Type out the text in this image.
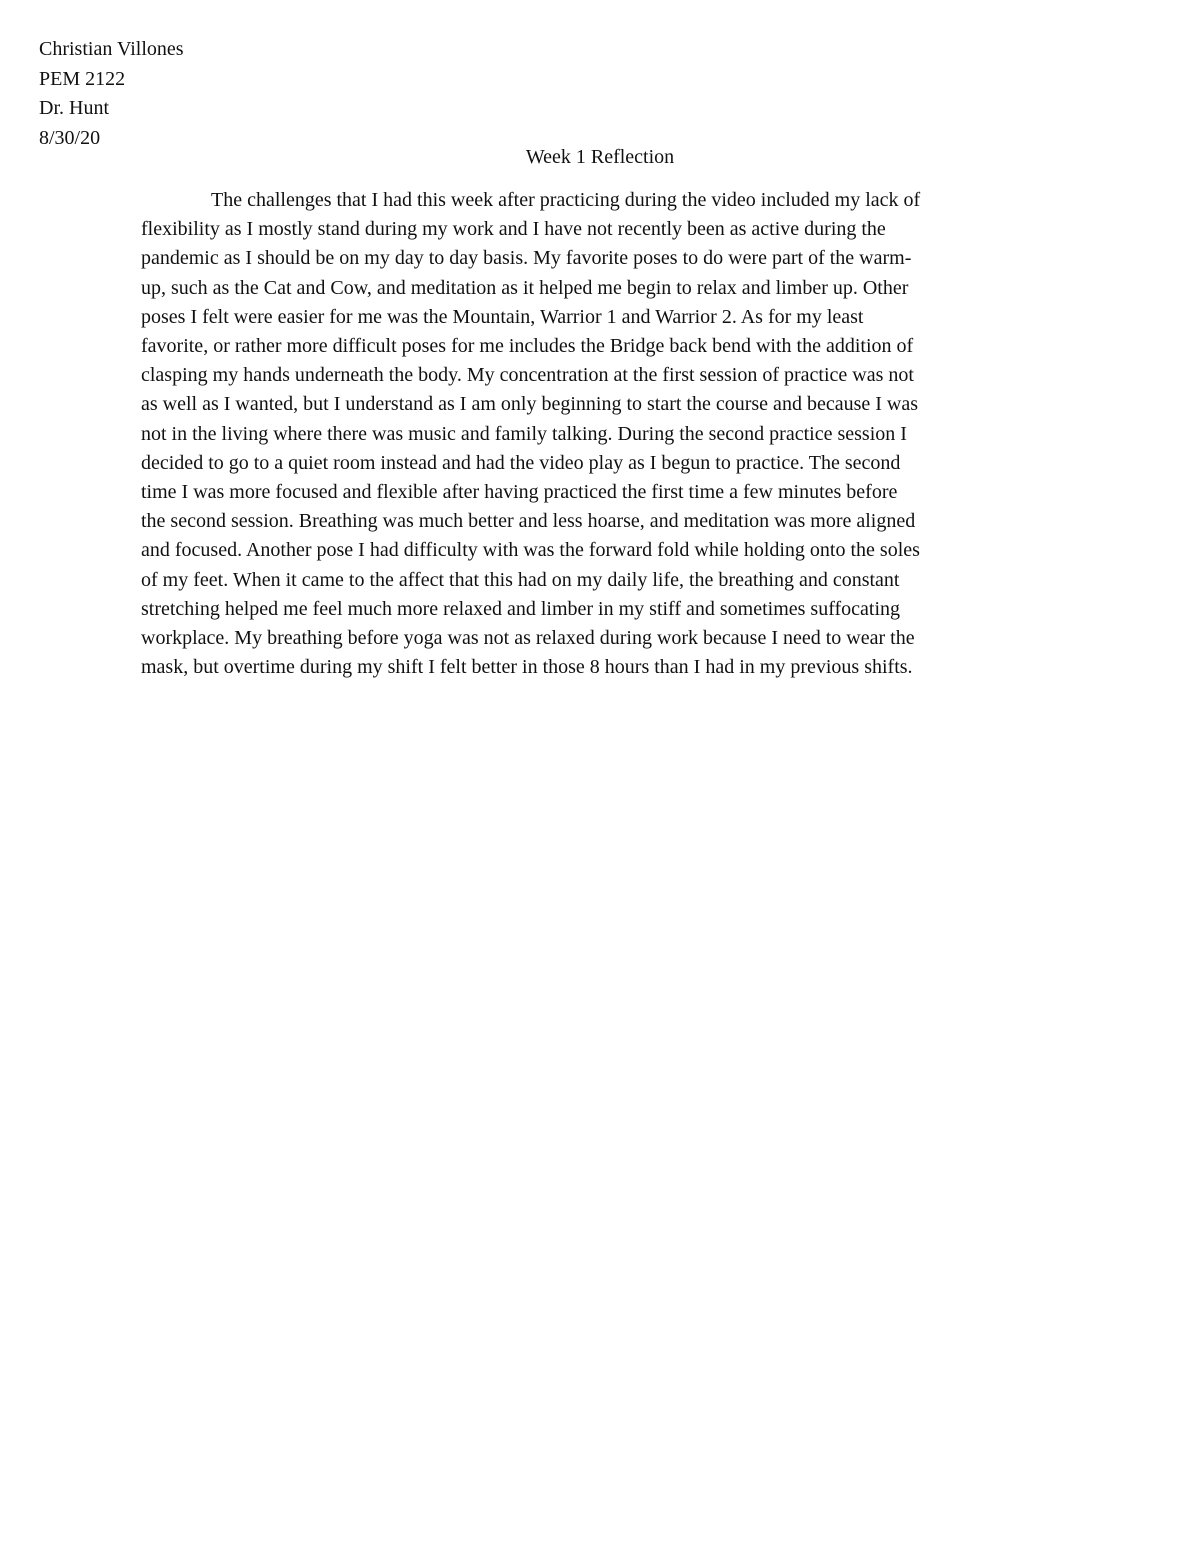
Christian Villones
PEM 2122
Dr. Hunt
8/30/20
Week 1 Reflection
The challenges that I had this week after practicing during the video included my lack of
flexibility as I mostly stand during my work and I have not recently been as active during the
pandemic as I should be on my day to day basis. My favorite poses to do were part of the warm-
up, such as the Cat and Cow, and meditation as it helped me begin to relax and limber up. Other
poses I felt were easier for me was the Mountain, Warrior 1 and Warrior 2. As for my least
favorite, or rather more difficult poses for me includes the Bridge back bend with the addition of
clasping my hands underneath the body. My concentration at the first session of practice was not
as well as I wanted, but I understand as I am only beginning to start the course and because I was
not in the living where there was music and family talking. During the second practice session I
decided to go to a quiet room instead and had the video play as I begun to practice. The second
time I was more focused and flexible after having practiced the first time a few minutes before
the second session. Breathing was much better and less hoarse, and meditation was more aligned
and focused. Another pose I had difficulty with was the forward fold while holding onto the soles
of my feet. When it came to the affect that this had on my daily life, the breathing and constant
stretching helped me feel much more relaxed and limber in my stiff and sometimes suffocating
workplace. My breathing before yoga was not as relaxed during work because I need to wear the
mask, but overtime during my shift I felt better in those 8 hours than I had in my previous shifts.
